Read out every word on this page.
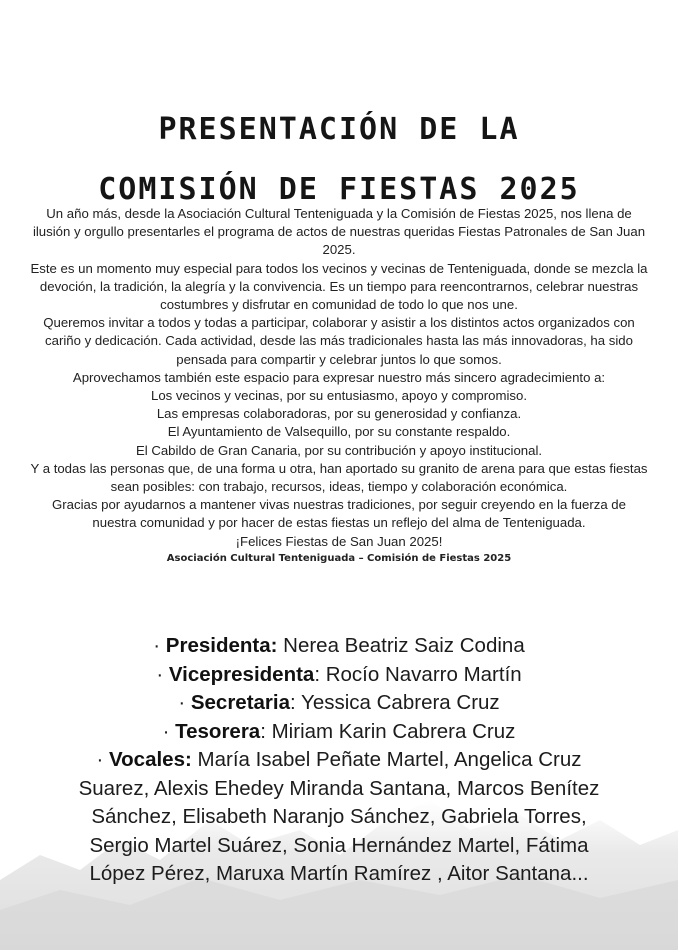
PRESENTACIÓN DE LA
COMISIÓN DE FIESTAS 2025

Un año más, desde la Asociación Cultural Tenteniguada y la Comisión de Fiestas 2025, nos llena de ilusión y orgullo presentarles el programa de actos de nuestras queridas Fiestas Patronales de San Juan 2025.

Este es un momento muy especial para todos los vecinos y vecinas de Tenteniguada, donde se mezcla la devoción, la tradición, la alegría y la convivencia. Es un tiempo para reencontrarnos, celebrar nuestras costumbres y disfrutar en comunidad de todo lo que nos une.

Queremos invitar a todos y todas a participar, colaborar y asistir a los distintos actos organizados con cariño y dedicación. Cada actividad, desde las más tradicionales hasta las más innovadoras, ha sido pensada para compartir y celebrar juntos lo que somos.

Aprovechamos también este espacio para expresar nuestro más sincero agradecimiento a:

Los vecinos y vecinas, por su entusiasmo, apoyo y compromiso.

Las empresas colaboradoras, por su generosidad y confianza.

El Ayuntamiento de Valsequillo, por su constante respaldo.

El Cabildo de Gran Canaria, por su contribución y apoyo institucional.

Y a todas las personas que, de una forma u otra, han aportado su granito de arena para que estas fiestas sean posibles: con trabajo, recursos, ideas, tiempo y colaboración económica.

Gracias por ayudarnos a mantener vivas nuestras tradiciones, por seguir creyendo en la fuerza de nuestra comunidad y por hacer de estas fiestas un reflejo del alma de Tenteniguada.

¡Felices Fiestas de San Juan 2025!

Asociación Cultural Tenteniguada – Comisión de Fiestas 2025

· Presidenta: Nerea Beatriz Saiz Codina

· Vicepresidenta: Rocío Navarro Martín

· Secretaria: Yessica Cabrera Cruz

· Tesorera: Miriam Karin Cabrera Cruz

· Vocales: María Isabel Peñate Martel, Angelica Cruz Suarez, Alexis Ehedey Miranda Santana, Marcos Benítez Sánchez, Elisabeth Naranjo Sánchez, Gabriela Torres, Sergio Martel Suárez, Sonia Hernández Martel, Fátima López Pérez, Maruxa Martín Ramírez , Aitor Santana...
